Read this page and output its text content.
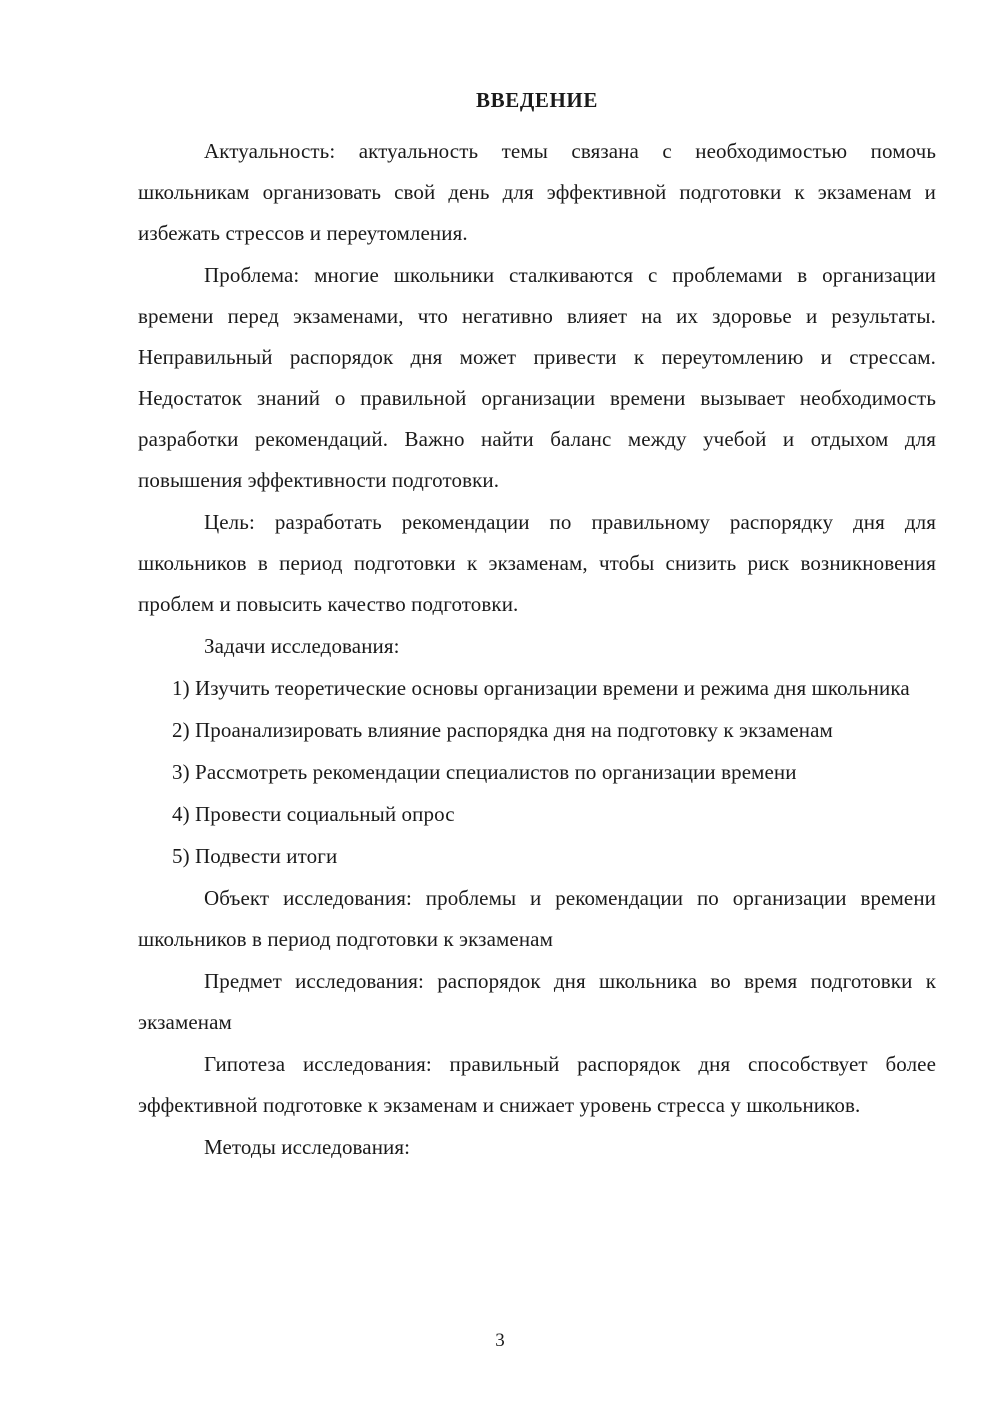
ВВЕДЕНИЕ

Актуальность: актуальность темы связана с необходимостью помочь школьникам организовать свой день для эффективной подготовки к экзаменам и избежать стрессов и переутомления.

Проблема: многие школьники сталкиваются с проблемами в организации времени перед экзаменами, что негативно влияет на их здоровье и результаты. Неправильный распорядок дня может привести к переутомлению и стрессам. Недостаток знаний о правильной организации времени вызывает необходимость разработки рекомендаций. Важно найти баланс между учебой и отдыхом для повышения эффективности подготовки.

Цель: разработать рекомендации по правильному распорядку дня для школьников в период подготовки к экзаменам, чтобы снизить риск возникновения проблем и повысить качество подготовки.

Задачи исследования:

1) Изучить теоретические основы организации времени и режима дня школьника

2) Проанализировать влияние распорядка дня на подготовку к экзаменам

3) Рассмотреть рекомендации специалистов по организации времени

4) Провести социальный опрос

5) Подвести итоги

Объект исследования: проблемы и рекомендации по организации времени школьников в период подготовки к экзаменам

Предмет исследования: распорядок дня школьника во время подготовки к экзаменам

Гипотеза исследования: правильный распорядок дня способствует более эффективной подготовке к экзаменам и снижает уровень стресса у школьников.

Методы исследования:

3
